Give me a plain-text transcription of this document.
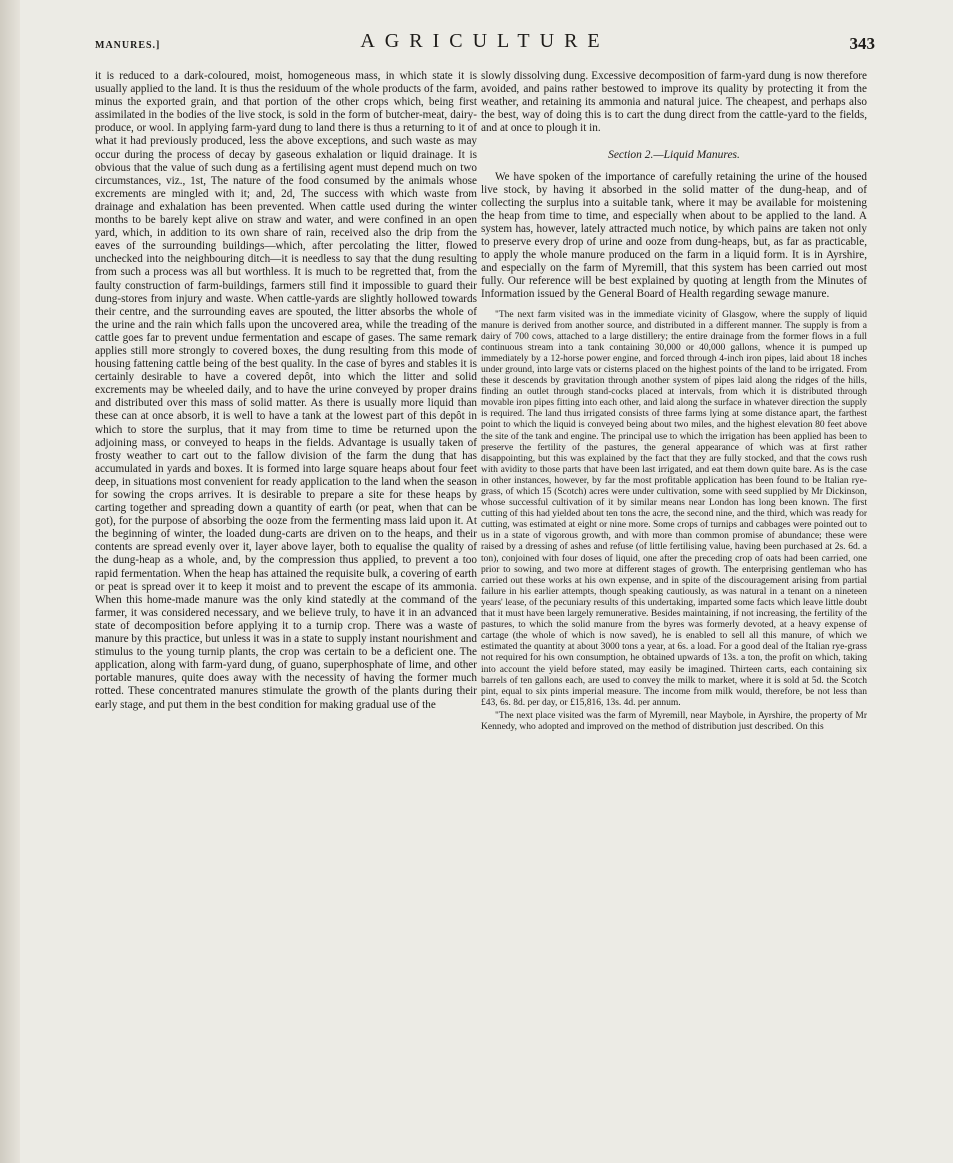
MANURES.]	AGRICULTURE	343

it is reduced to a dark-coloured, moist, homogeneous mass, in which state it is usually applied to the land. It is thus the residuum of the whole products of the farm, minus the exported grain, and that portion of the other crops which, being first assimilated in the bodies of the live stock, is sold in the form of butcher-meat, dairy-produce, or wool. In applying farm-yard dung to land there is thus a returning to it of what it had previously produced, less the above exceptions, and such waste as may occur during the process of decay by gaseous exhalation or liquid drainage. It is obvious that the value of such dung as a fertilising agent must depend much on two circumstances, viz., 1st, The nature of the food consumed by the animals whose excrements are mingled with it; and, 2d, The success with which waste from drainage and exhalation has been prevented. When cattle used during the winter months to be barely kept alive on straw and water, and were confined in an open yard, which, in addition to its own share of rain, received also the drip from the eaves of the surrounding buildings—which, after percolating the litter, flowed unchecked into the neighbouring ditch—it is needless to say that the dung resulting from such a process was all but worthless. It is much to be regretted that, from the faulty construction of farm-buildings, farmers still find it impossible to guard their dung-stores from injury and waste. When cattle-yards are slightly hollowed towards their centre, and the surrounding eaves are spouted, the litter absorbs the whole of the urine and the rain which falls upon the uncovered area, while the treading of the cattle goes far to prevent undue fermentation and escape of gases. The same remark applies still more strongly to covered boxes, the dung resulting from this mode of housing fattening cattle being of the best quality. In the case of byres and stables it is certainly desirable to have a covered depôt, into which the litter and solid excrements may be wheeled daily, and to have the urine conveyed by proper drains and distributed over this mass of solid matter. As there is usually more liquid than these can at once absorb, it is well to have a tank at the lowest part of this depôt in which to store the surplus, that it may from time to time be returned upon the adjoining mass, or conveyed to heaps in the fields. Advantage is usually taken of frosty weather to cart out to the fallow division of the farm the dung that has accumulated in yards and boxes. It is formed into large square heaps about four feet deep, in situations most convenient for ready application to the land when the season for sowing the crops arrives. It is desirable to prepare a site for these heaps by carting together and spreading down a quantity of earth (or peat, when that can be got), for the purpose of absorbing the ooze from the fermenting mass laid upon it. At the beginning of winter, the loaded dung-carts are driven on to the heaps, and their contents are spread evenly over it, layer above layer, both to equalise the quality of the dung-heap as a whole, and, by the compression thus applied, to prevent a too rapid fermentation. When the heap has attained the requisite bulk, a covering of earth or peat is spread over it to keep it moist and to prevent the escape of its ammonia. When this home-made manure was the only kind statedly at the command of the farmer, it was considered necessary, and we believe truly, to have it in an advanced state of decomposition before applying it to a turnip crop. There was a waste of manure by this practice, but unless it was in a state to supply instant nourishment and stimulus to the young turnip plants, the crop was certain to be a deficient one. The application, along with farm-yard dung, of guano, superphosphate of lime, and other portable manures, quite does away with the necessity of having the former much rotted. These concentrated manures stimulate the growth of the plants during their early stage, and put them in the best condition for making gradual use of the

slowly dissolving dung. Excessive decomposition of farm-yard dung is now therefore avoided, and pains rather bestowed to improve its quality by protecting it from the weather, and retaining its ammonia and natural juice. The cheapest, and perhaps also the best, way of doing this is to cart the dung direct from the cattle-yard to the fields, and at once to plough it in.

Section 2.—Liquid Manures.

We have spoken of the importance of carefully retaining the urine of the housed live stock, by having it absorbed in the solid matter of the dung-heap, and of collecting the surplus into a suitable tank, where it may be available for moistening the heap from time to time, and especially when about to be applied to the land. A system has, however, lately attracted much notice, by which pains are taken not only to preserve every drop of urine and ooze from dung-heaps, but, as far as practicable, to apply the whole manure produced on the farm in a liquid form. It is in Ayrshire, and especially on the farm of Myremill, that this system has been carried out most fully. Our reference will be best explained by quoting at length from the Minutes of Information issued by the General Board of Health regarding sewage manure.

"The next farm visited was in the immediate vicinity of Glasgow, where the supply of liquid manure is derived from another source, and distributed in a different manner. The supply is from a dairy of 700 cows, attached to a large distillery; the entire drainage from the former flows in a full continuous stream into a tank containing 30,000 or 40,000 gallons, whence it is pumped up immediately by a 12-horse power engine, and forced through 4-inch iron pipes, laid about 18 inches under ground, into large vats or cisterns placed on the highest points of the land to be irrigated. From these it descends by gravitation through another system of pipes laid along the ridges of the hills, finding an outlet through stand-cocks placed at intervals, from which it is distributed through movable iron pipes fitting into each other, and laid along the surface in whatever direction the supply is required. The land thus irrigated consists of three farms lying at some distance apart, the farthest point to which the liquid is conveyed being about two miles, and the highest elevation 80 feet above the site of the tank and engine. The principal use to which the irrigation has been applied has been to preserve the fertility of the pastures, the general appearance of which was at first rather disappointing, but this was explained by the fact that they are fully stocked, and that the cows rush with avidity to those parts that have been last irrigated, and eat them down quite bare. As is the case in other instances, however, by far the most profitable application has been found to be Italian rye-grass, of which 15 (Scotch) acres were under cultivation, some with seed supplied by Mr Dickinson, whose successful cultivation of it by similar means near London has long been known. The first cutting of this had yielded about ten tons the acre, the second nine, and the third, which was ready for cutting, was estimated at eight or nine more. Some crops of turnips and cabbages were pointed out to us in a state of vigorous growth, and with more than common promise of abundance; these were raised by a dressing of ashes and refuse (of little fertilising value, having been purchased at 2s. 6d. a ton), conjoined with four doses of liquid, one after the preceding crop of oats had been carried, one prior to sowing, and two more at different stages of growth. The enterprising gentleman who has carried out these works at his own expense, and in spite of the discouragement arising from partial failure in his earlier attempts, though speaking cautiously, as was natural in a tenant on a nineteen years' lease, of the pecuniary results of this undertaking, imparted some facts which leave little doubt that it must have been largely remunerative. Besides maintaining, if not increasing, the fertility of the pastures, to which the solid manure from the byres was formerly devoted, at a heavy expense of cartage (the whole of which is now saved), he is enabled to sell all this manure, of which we estimated the quantity at about 3000 tons a year, at 6s. a load. For a good deal of the Italian rye-grass not required for his own consumption, he obtained upwards of 13s. a ton, the profit on which, taking into account the yield before stated, may easily be imagined. Thirteen carts, each containing six barrels of ten gallons each, are used to convey the milk to market, where it is sold at 5d. the Scotch pint, equal to six pints imperial measure. The income from milk would, therefore, be not less than £43, 6s. 8d. per day, or £15,816, 13s. 4d. per annum.

"The next place visited was the farm of Myremill, near Maybole, in Ayrshire, the property of Mr Kennedy, who adopted and improved on the method of distribution just described. On this
